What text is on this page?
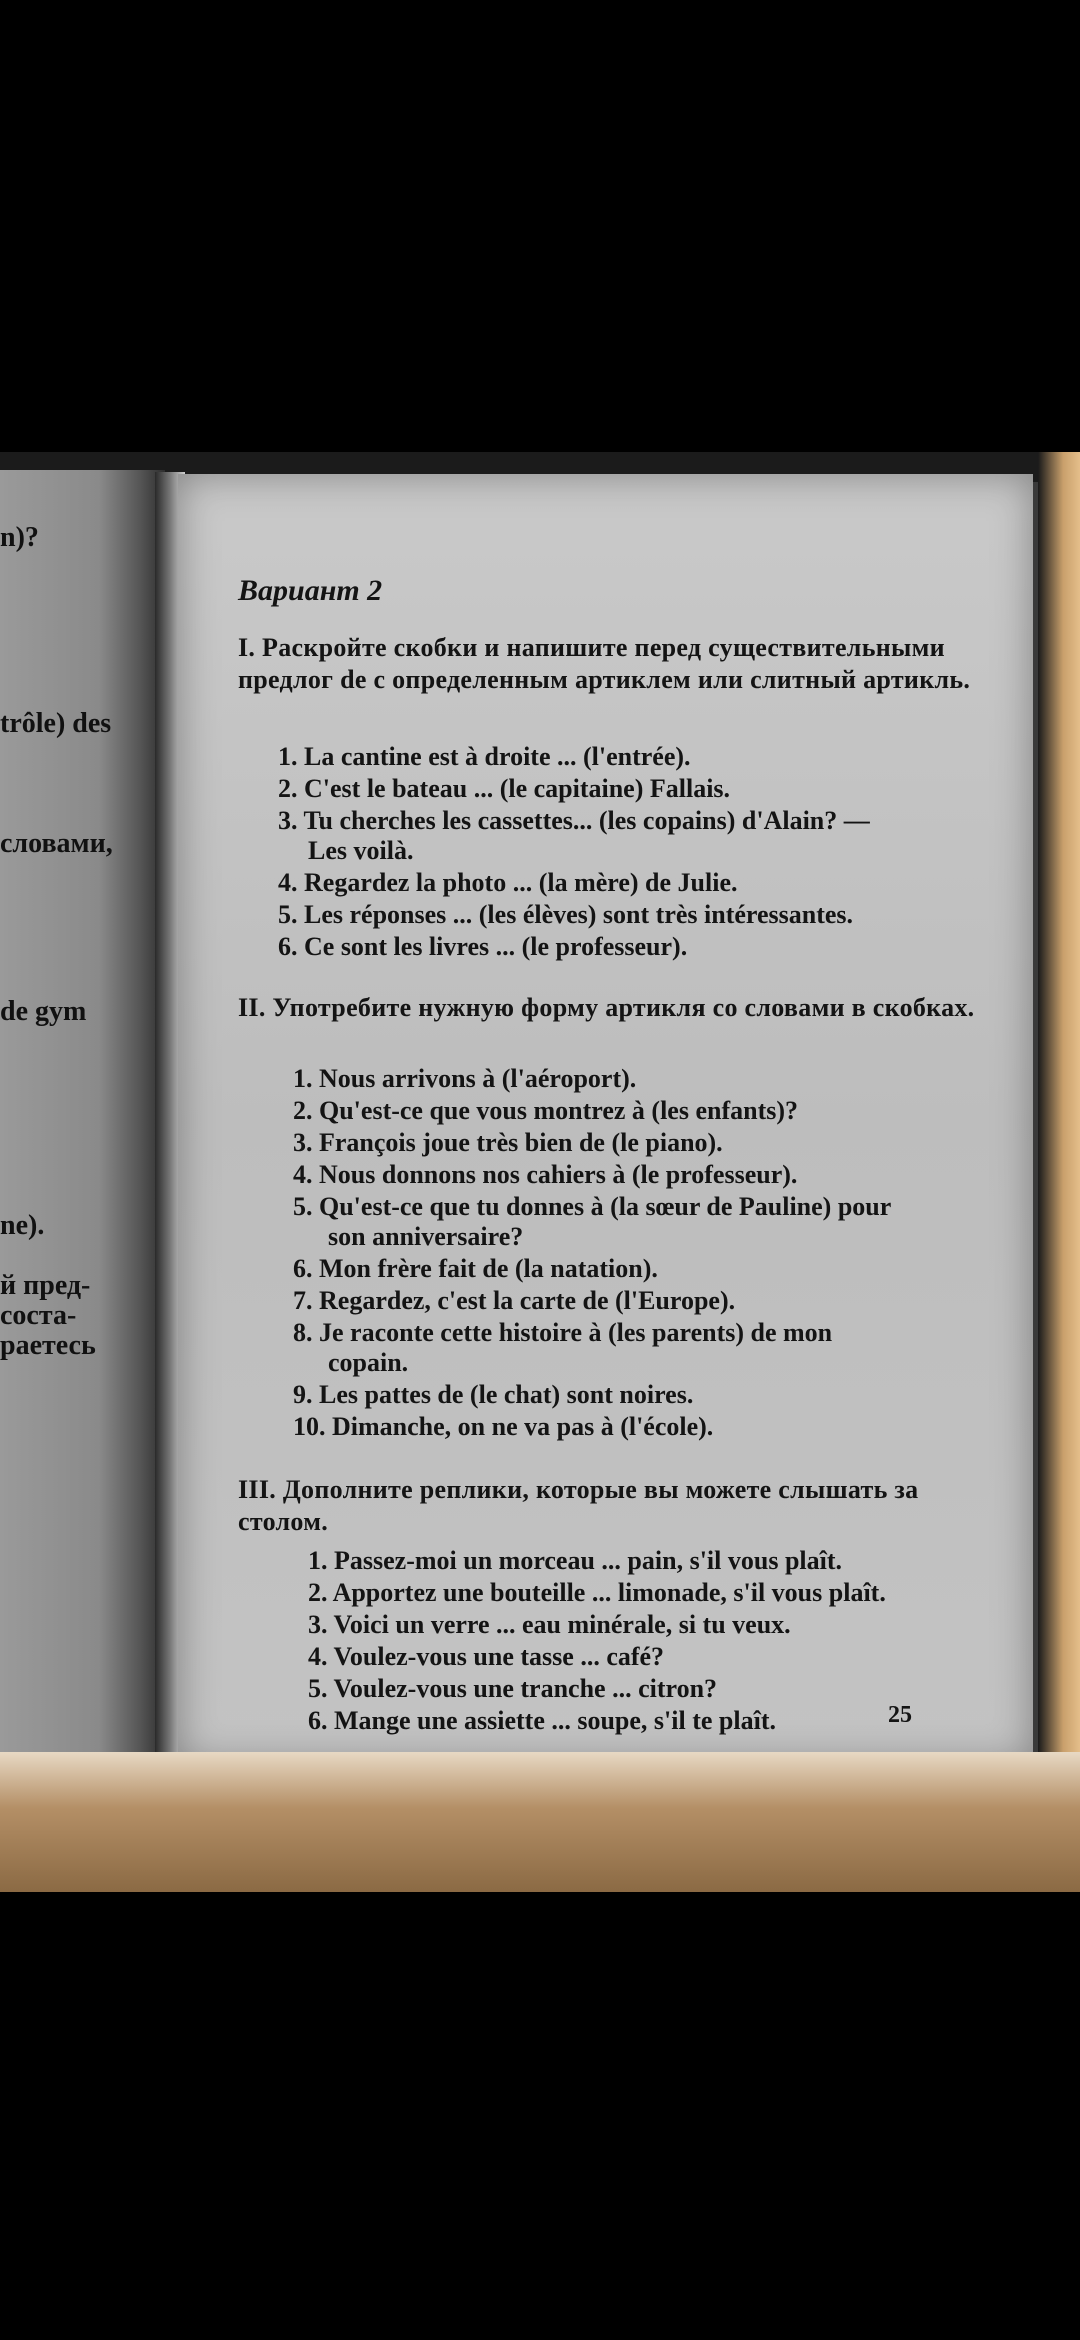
n)?
trôle) des
словами,
de gym
ne).
й пред-
соста-
раетесь
Вариант 2
I. Раскройте скобки и напишите перед существительными предлог de с определенным артиклем или слитный артикль.
1. La cantine est à droite ... (l'entrée).
2. C'est le bateau ... (le capitaine) Fallais.
3. Tu cherches les cassettes... (les copains) d'Alain? —
Les voilà.
4. Regardez la photo ... (la mère) de Julie.
5. Les réponses ... (les élèves) sont très intéressantes.
6. Ce sont les livres ... (le professeur).
II. Употребите нужную форму артикля со словами в скобках.
1. Nous arrivons à (l'aéroport).
2. Qu'est-ce que vous montrez à (les enfants)?
3. François joue très bien de (le piano).
4. Nous donnons nos cahiers à (le professeur).
5. Qu'est-ce que tu donnes à (la sœur de Pauline) pour
son anniversaire?
6. Mon frère fait de (la natation).
7. Regardez, c'est la carte de (l'Europe).
8. Je raconte cette histoire à (les parents) de mon
copain.
9. Les pattes de (le chat) sont noires.
10. Dimanche, on ne va pas à (l'école).
III. Дополните реплики, которые вы можете слышать за столом.
1. Passez-moi un morceau ... pain, s'il vous plaît.
2. Apportez une bouteille ... limonade, s'il vous plaît.
3. Voici un verre ... eau minérale, si tu veux.
4. Voulez-vous une tasse ... café?
5. Voulez-vous une tranche ... citron?
6. Mange une assiette ... soupe, s'il te plaît.	25
